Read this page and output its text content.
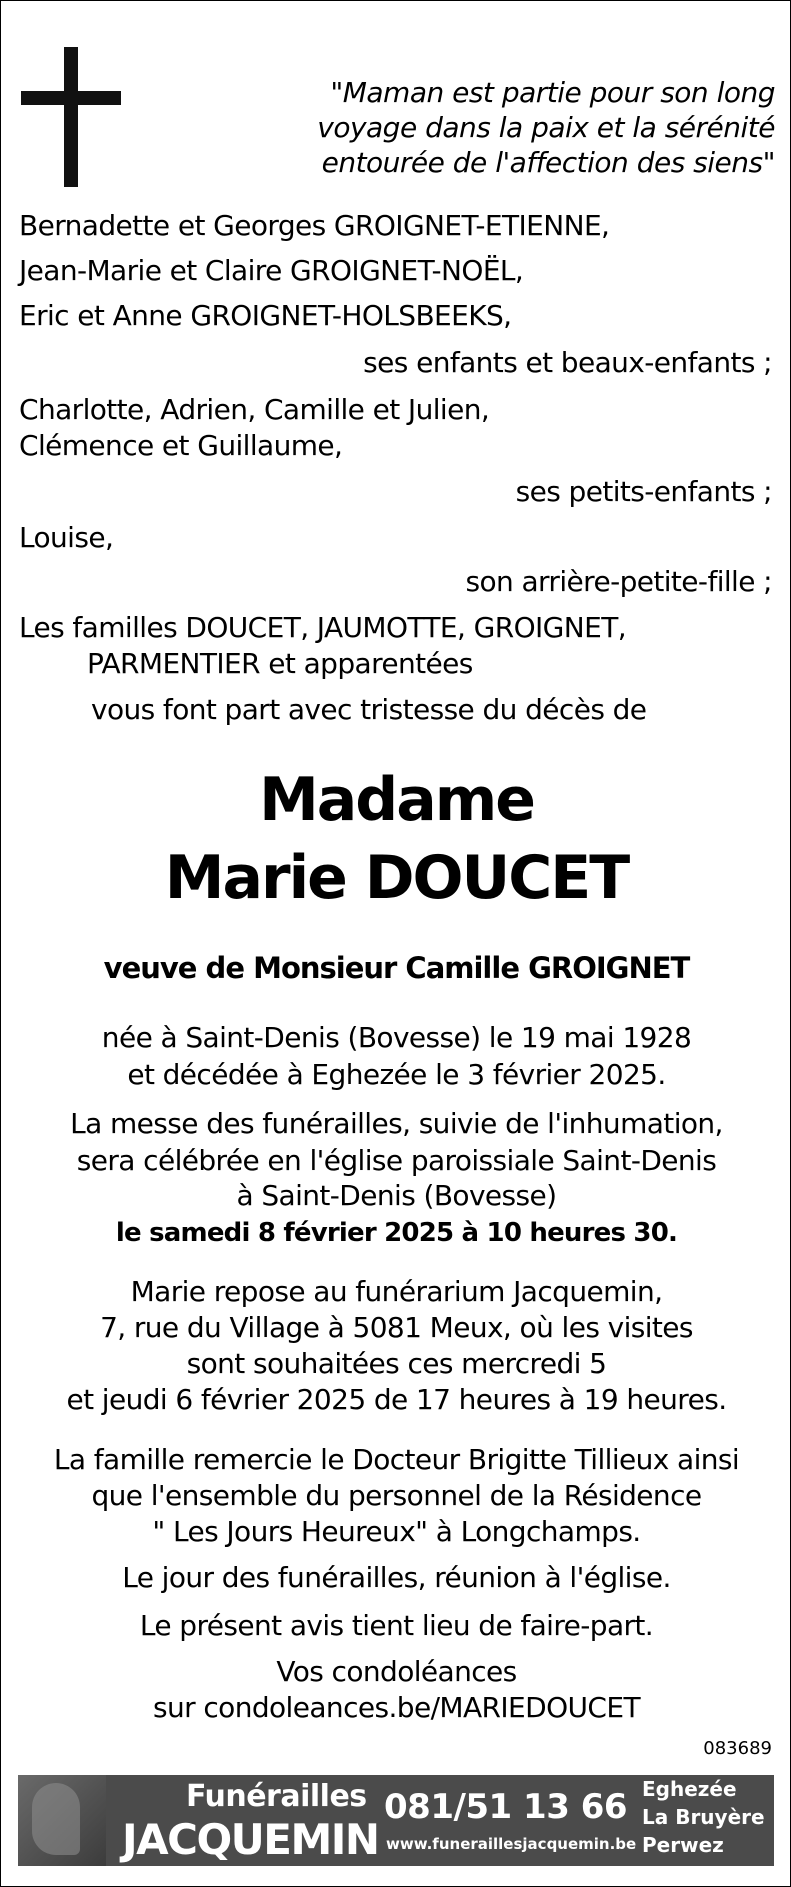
"Maman est partie pour son long
voyage dans la paix et la sérénité
entourée de l'affection des siens"
Bernadette et Georges GROIGNET-ETIENNE,
Jean-Marie et Claire GROIGNET-NOËL,
Eric et Anne GROIGNET-HOLSBEEKS,
ses enfants et beaux-enfants ;
Charlotte, Adrien, Camille et Julien,
Clémence et Guillaume,
ses petits-enfants ;
Louise,
son arrière-petite-fille ;
Les familles DOUCET, JAUMOTTE, GROIGNET,
PARMENTIER et apparentées
vous font part avec tristesse du décès de
Madame
Marie DOUCET
veuve de Monsieur Camille GROIGNET
née à Saint-Denis (Bovesse) le 19 mai 1928
et décédée à Eghezée le 3 février 2025.
La messe des funérailles, suivie de l'inhumation,
sera célébrée en l'église paroissiale Saint-Denis
à Saint-Denis (Bovesse)
le samedi 8 février 2025 à 10 heures 30.
Marie repose au funérarium Jacquemin,
7, rue du Village à 5081 Meux, où les visites
sont souhaitées ces mercredi 5
et jeudi 6 février 2025 de 17 heures à 19 heures.
La famille remercie le Docteur Brigitte Tillieux ainsi
que l'ensemble du personnel de la Résidence
" Les Jours Heureux" à Longchamps.
Le jour des funérailles, réunion à l'église.
Le présent avis tient lieu de faire-part.
Vos condoléances
sur condoleances.be/MARIEDOUCET
083689
Funérailles
JACQUEMIN
081/51 13 66
www.funeraillesjacquemin.be
Eghezée
La Bruyère
Perwez
